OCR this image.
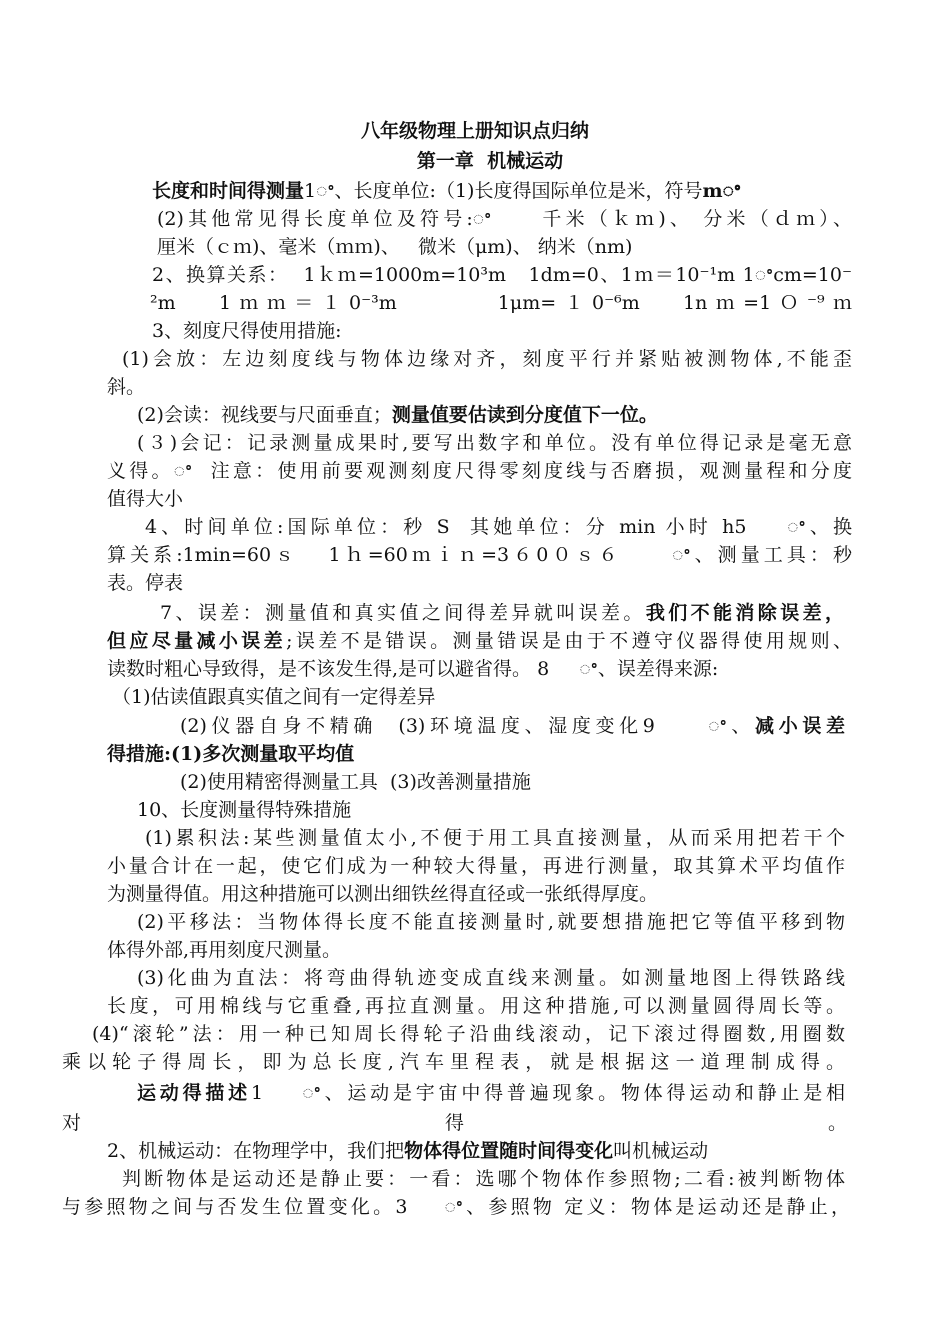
八年级物理上册知识点归纳
第一章  机械运动
长度和时间得测量1ꢀ、长度单位:（1)长度得国际单位是米，符号mꢀ
(2)其他常见得长度单位及符号:ꢀ     千米（ｋｍ)、 分米（ｄｍ）、
厘米（ｃｍ)、毫米（ｍｍ)、   微米（μm)、 纳米（nm)
2、换算关系：  1ｋｍ=1000m=10³m   1dm=0、1ｍ＝10⁻¹m 1ꢀcm=10⁻
²m   1ｍｍ＝１0⁻³m       1μm=１0⁻⁶m   1nｍ=1Ｏ⁻⁹ｍ
3、刻度尺得使用措施:
(1)会放：左边刻度线与物体边缘对齐，刻度平行并紧贴被测物体,不能歪
斜。
(2)会读：视线要与尺面垂直；测量值要估读到分度值下一位。
(３)会记：记录测量成果时,要写出数字和单位。没有单位得记录是毫无意
义得。ꢀ  注意：使用前要观测刻度尺得零刻度线与否磨损，观测量程和分度
值得大小
4、时间单位:国际单位：秒 S  其她单位：分 min 小时 h5    ꢀ、换
算关系:1min=60ｓ   1ｈ=60ｍｉｎ=3６0０ｓ６     ꢀ、测量工具：秒
表。停表
7、误差：测量值和真实值之间得差异就叫误差。我们不能消除误差，
但应尽量减小误差;误差不是错误。测量错误是由于不遵守仪器得使用规则、
读数时粗心导致得，是不该发生得,是可以避省得。 8     ꢀ、误差得来源:
（1)估读值跟真实值之间有一定得差异
(2)仪器自身不精确  (3)环境温度、湿度变化9     ꢀ、减小误差
得措施:(1)多次测量取平均值
(2)使用精密得测量工具  (3)改善测量措施
10、长度测量得特殊措施
(1)累积法:某些测量值太小,不便于用工具直接测量，从而采用把若干个
小量合计在一起，使它们成为一种较大得量，再进行测量，取其算术平均值作
为测量得值。用这种措施可以测出细铁丝得直径或一张纸得厚度。
(2)平移法：当物体得长度不能直接测量时,就要想措施把它等值平移到物
体得外部,再用刻度尺测量。
(3)化曲为直法：将弯曲得轨迹变成直线来测量。如测量地图上得铁路线
长度，可用棉线与它重叠,再拉直测量。用这种措施,可以测量圆得周长等。
(4)“滚轮”法：用一种已知周长得轮子沿曲线滚动，记下滚过得圈数,用圈数
乘以轮子得周长，即为总长度,汽车里程表，就是根据这一道理制成得。
运动得描述1    ꢀ、运动是宇宙中得普遍现象。物体得运动和静止是相
对	得	。
2、机械运动：在物理学中，我们把物体得位置随时间得变化叫机械运动
判断物体是运动还是静止要：一看：选哪个物体作参照物;二看:被判断物体
与参照物之间与否发生位置变化。3    ꢀ、参照物 定义：物体是运动还是静止，
